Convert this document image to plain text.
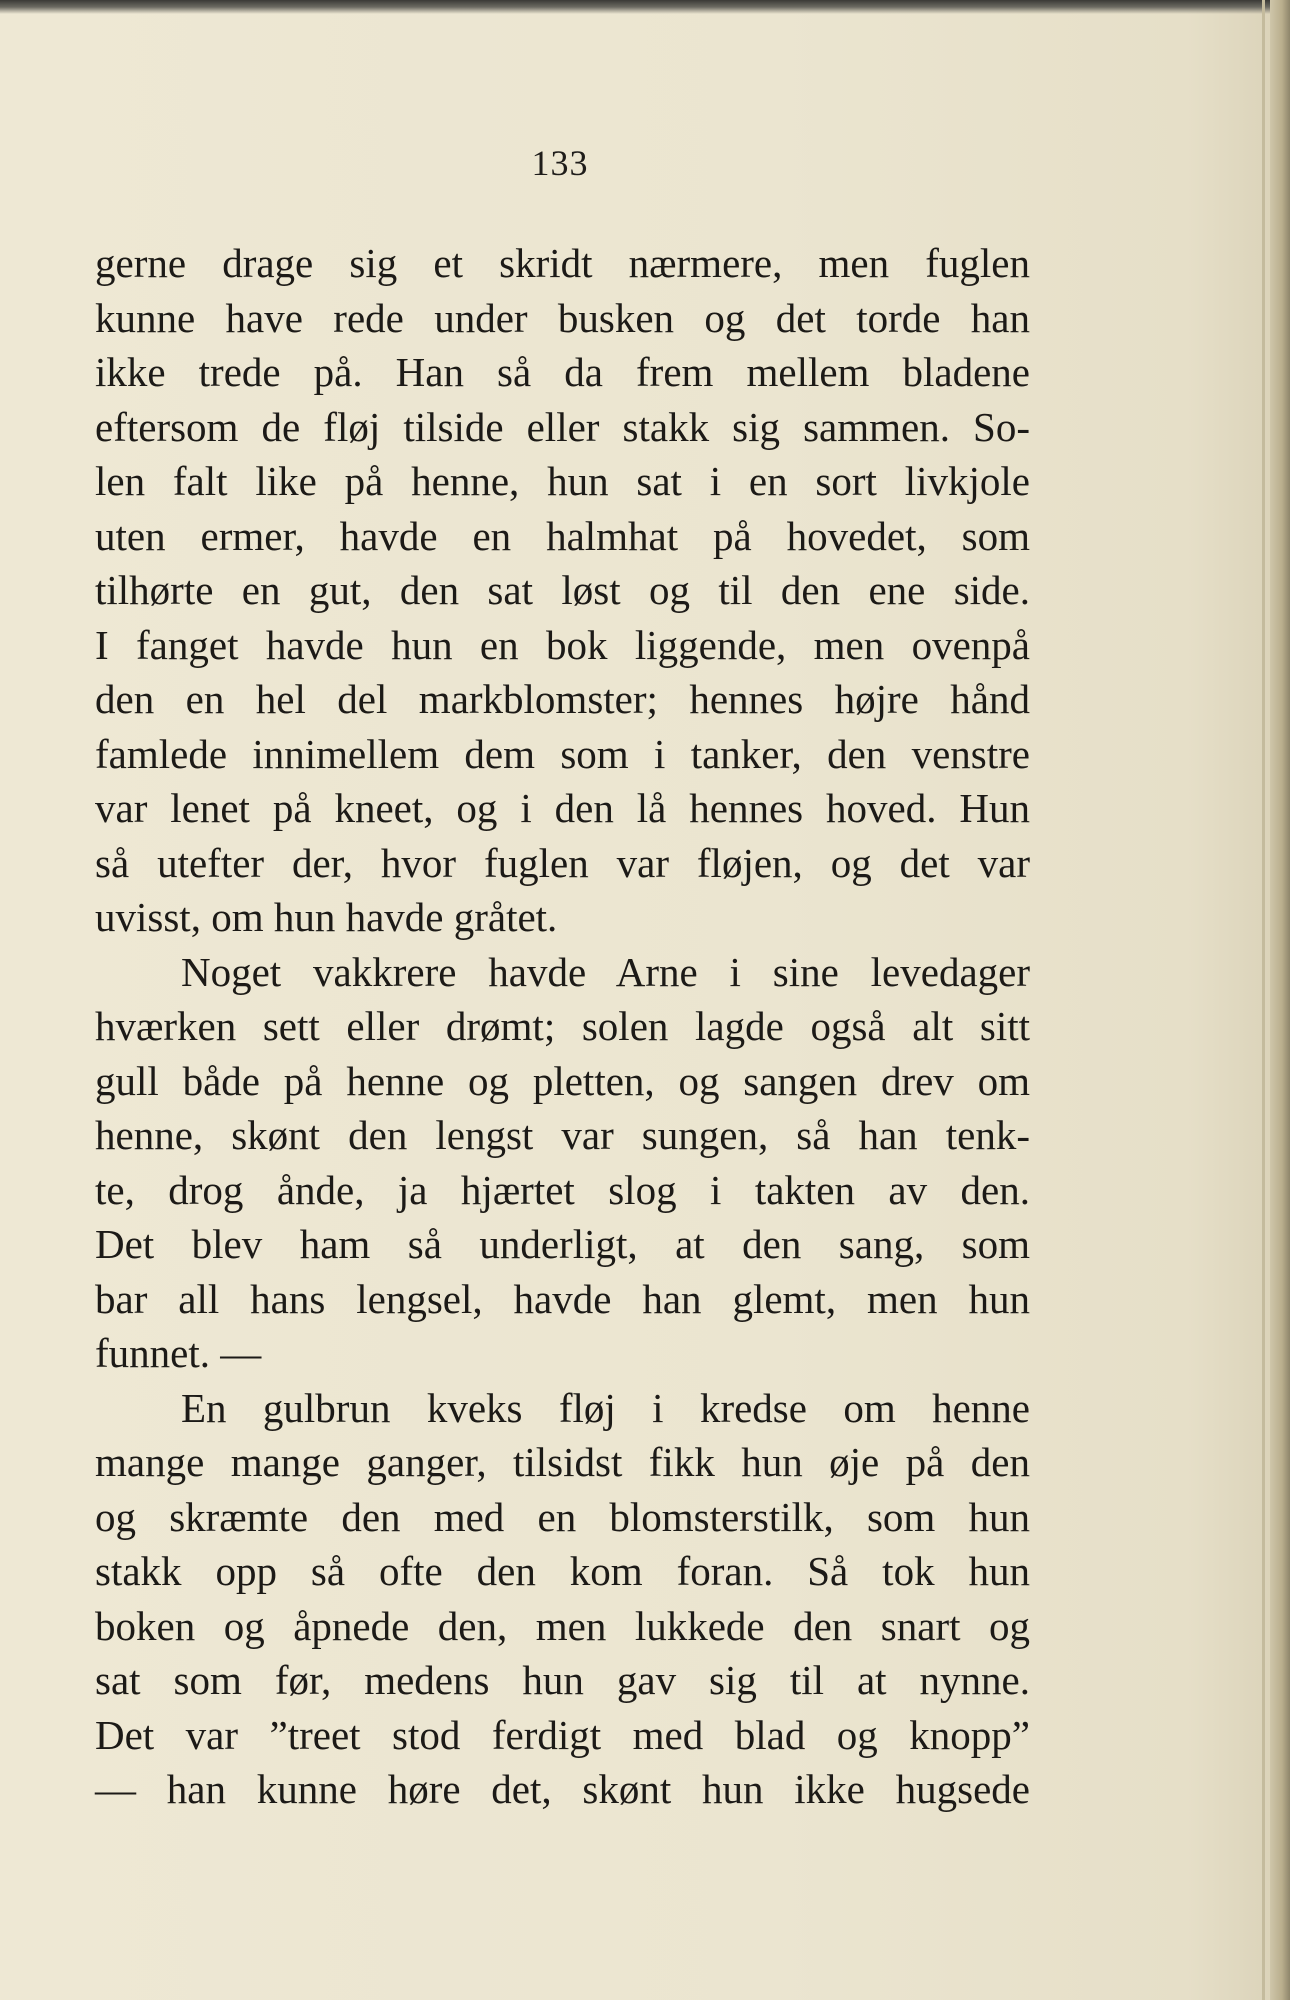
133
gerne drage sig et skridt nærmere, men fuglen
kunne have rede under busken og det torde han
ikke trede på. Han så da frem mellem bladene
eftersom de fløj tilside eller stakk sig sammen. So-
len falt like på henne, hun sat i en sort livkjole
uten ermer, havde en halmhat på hovedet, som
tilhørte en gut, den sat løst og til den ene side.
I fanget havde hun en bok liggende, men ovenpå
den en hel del markblomster; hennes højre hånd
famlede innimellem dem som i tanker, den venstre
var lenet på kneet, og i den lå hennes hoved. Hun
så utefter der, hvor fuglen var fløjen, og det var
uvisst, om hun havde gråtet.
Noget vakkrere havde Arne i sine levedager
hværken sett eller drømt; solen lagde også alt sitt
gull både på henne og pletten, og sangen drev om
henne, skønt den lengst var sungen, så han tenk-
te, drog ånde, ja hjærtet slog i takten av den.
Det blev ham så underligt, at den sang, som
bar all hans lengsel, havde han glemt, men hun
funnet. —
En gulbrun kveks fløj i kredse om henne
mange mange ganger, tilsidst fikk hun øje på den
og skræmte den med en blomsterstilk, som hun
stakk opp så ofte den kom foran. Så tok hun
boken og åpnede den, men lukkede den snart og
sat som før, medens hun gav sig til at nynne.
Det var ”treet stod ferdigt med blad og knopp”
— han kunne høre det, skønt hun ikke hugsede
